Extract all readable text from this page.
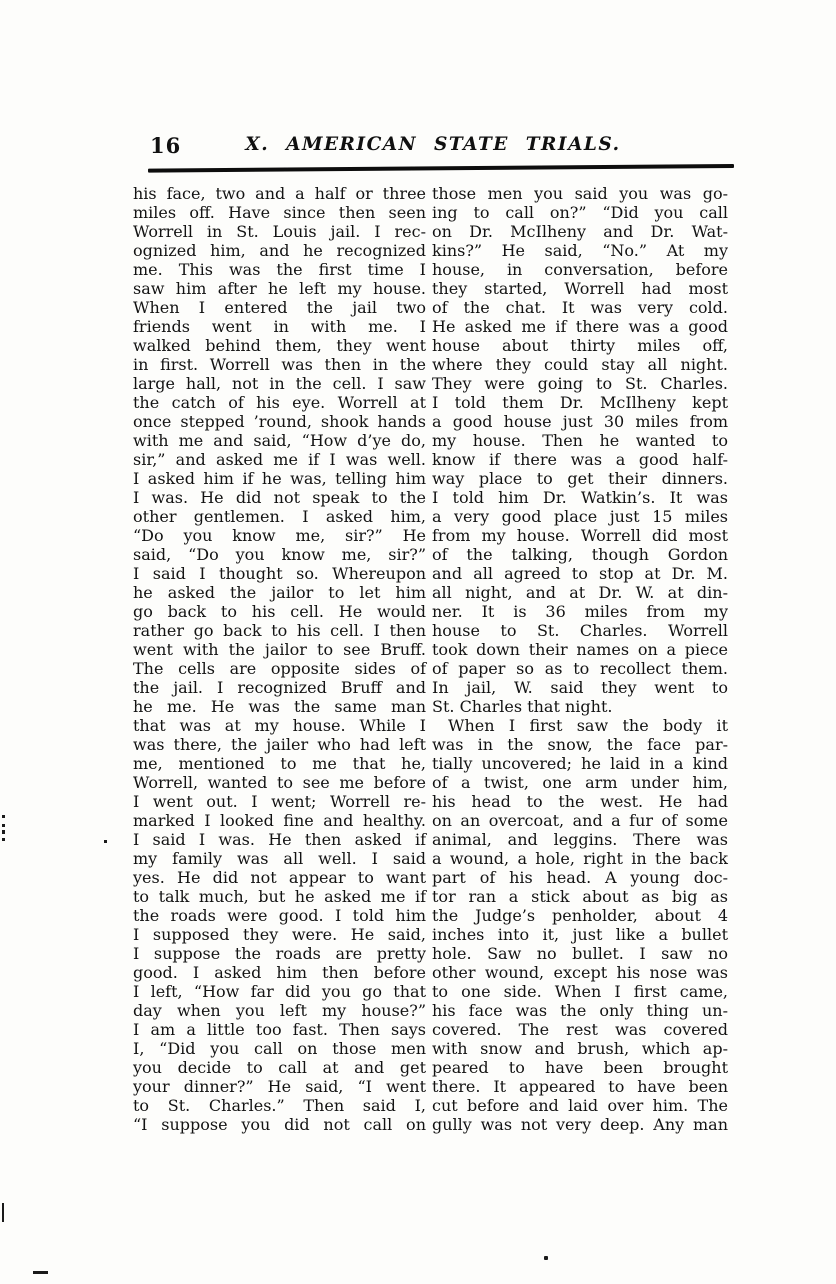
16	X. AMERICAN STATE TRIALS.
his face, two and a half or three
miles off. Have since then seen
Worrell in St. Louis jail. I rec-
ognized him, and he recognized
me. This was the first time I
saw him after he left my house.
When I entered the jail two
friends went in with me. I
walked behind them, they went
in first. Worrell was then in the
large hall, not in the cell. I saw
the catch of his eye. Worrell at
once stepped ’round, shook hands
with me and said, “How d’ye do,
sir,” and asked me if I was well.
I asked him if he was, telling him
I was. He did not speak to the
other gentlemen. I asked him,
“Do you know me, sir?” He
said, “Do you know me, sir?”
I said I thought so. Whereupon
he asked the jailor to let him
go back to his cell. He would
rather go back to his cell. I then
went with the jailor to see Bruff.
The cells are opposite sides of
the jail. I recognized Bruff and
he me. He was the same man
that was at my house. While I
was there, the jailer who had left
me, mentioned to me that he,
Worrell, wanted to see me before
I went out. I went; Worrell re-
marked I looked fine and healthy.
I said I was. He then asked if
my family was all well. I said
yes. He did not appear to want
to talk much, but he asked me if
the roads were good. I told him
I supposed they were. He said,
I suppose the roads are pretty
good. I asked him then before
I left, “How far did you go that
day when you left my house?”
I am a little too fast. Then says
I, “Did you call on those men
you decide to call at and get
your dinner?” He said, “I went
to St. Charles.” Then said I,
“I suppose you did not call on
those men you said you was go-
ing to call on?” “Did you call
on Dr. McIlheny and Dr. Wat-
kins?” He said, “No.” At my
house, in conversation, before
they started, Worrell had most
of the chat. It was very cold.
He asked me if there was a good
house about thirty miles off,
where they could stay all night.
They were going to St. Charles.
I told them Dr. McIlheny kept
a good house just 30 miles from
my house. Then he wanted to
know if there was a good half-
way place to get their dinners.
I told him Dr. Watkin’s. It was
a very good place just 15 miles
from my house. Worrell did most
of the talking, though Gordon
and all agreed to stop at Dr. M.
all night, and at Dr. W. at din-
ner. It is 36 miles from my
house to St. Charles. Worrell
took down their names on a piece
of paper so as to recollect them.
In jail, W. said they went to
St. Charles that night.
When I first saw the body it
was in the snow, the face par-
tially uncovered; he laid in a kind
of a twist, one arm under him,
his head to the west. He had
on an overcoat, and a fur of some
animal, and leggins. There was
a wound, a hole, right in the back
part of his head. A young doc-
tor ran a stick about as big as
the Judge’s penholder, about 4
inches into it, just like a bullet
hole. Saw no bullet. I saw no
other wound, except his nose was
to one side. When I first came,
his face was the only thing un-
covered. The rest was covered
with snow and brush, which ap-
peared to have been brought
there. It appeared to have been
cut before and laid over him. The
gully was not very deep. Any man
